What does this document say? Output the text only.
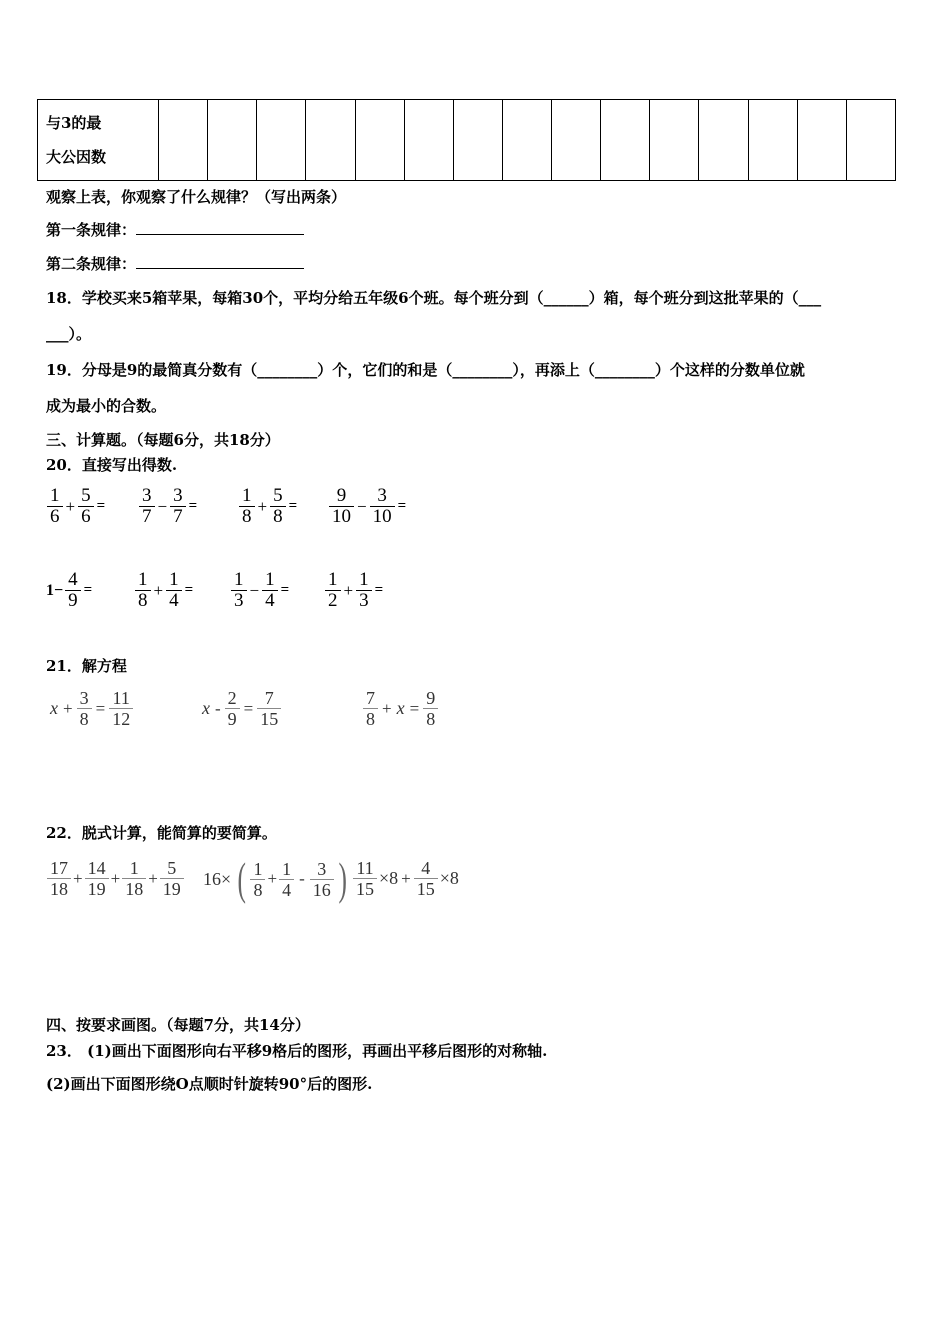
与3的最
大公因数

观察上表，你观察了什么规律？（写出两条）
第一条规律：
第二条规律：
18．学校买来5箱苹果，每箱30个，平均分给五年级6个班。每个班分到（______）箱，每个班分到这批苹果的（___
___）。
19．分母是9的最简真分数有（________）个，它们的和是（________），再添上（________）个这样的分数单位就
成为最小的合数。
三、计算题。（每题6分，共18分）
20．直接写出得数.
$\frac{1}{6} + \frac{5}{6} = \frac{3}{7} - \frac{3}{7} = \frac{1}{8} + \frac{5}{8} = \frac{9}{10} - \frac{3}{10}$ =
$1- \frac{4}{9} = \frac{1}{8} + \frac{1}{4} = \frac{1}{3} - \frac{1}{4} = \frac{1}{2} + \frac{1}{3}$ =
21．解方程
$x + \frac{3}{8} = \frac{11}{12}$	$x - \frac{2}{9} = \frac{7}{15}$	$\frac{7}{8} + x = \frac{9}{8}$
22．脱式计算，能简算的要简算。
$\frac{17}{18} + \frac{14}{19} + \frac{1}{18} + \frac{5}{19} 16\times$ ( $\frac{1}{8} + \frac{1}{4} - \frac{3}{16}$ ) $\frac{11}{15} \times 8 + \frac{4}{15} \times 8$
四、按要求画图。（每题7分，共14分）
23． (1)画出下面图形向右平移9格后的图形，再画出平移后图形的对称轴.
(2)画出下面图形绕O点顺时针旋转90°后的图形.
